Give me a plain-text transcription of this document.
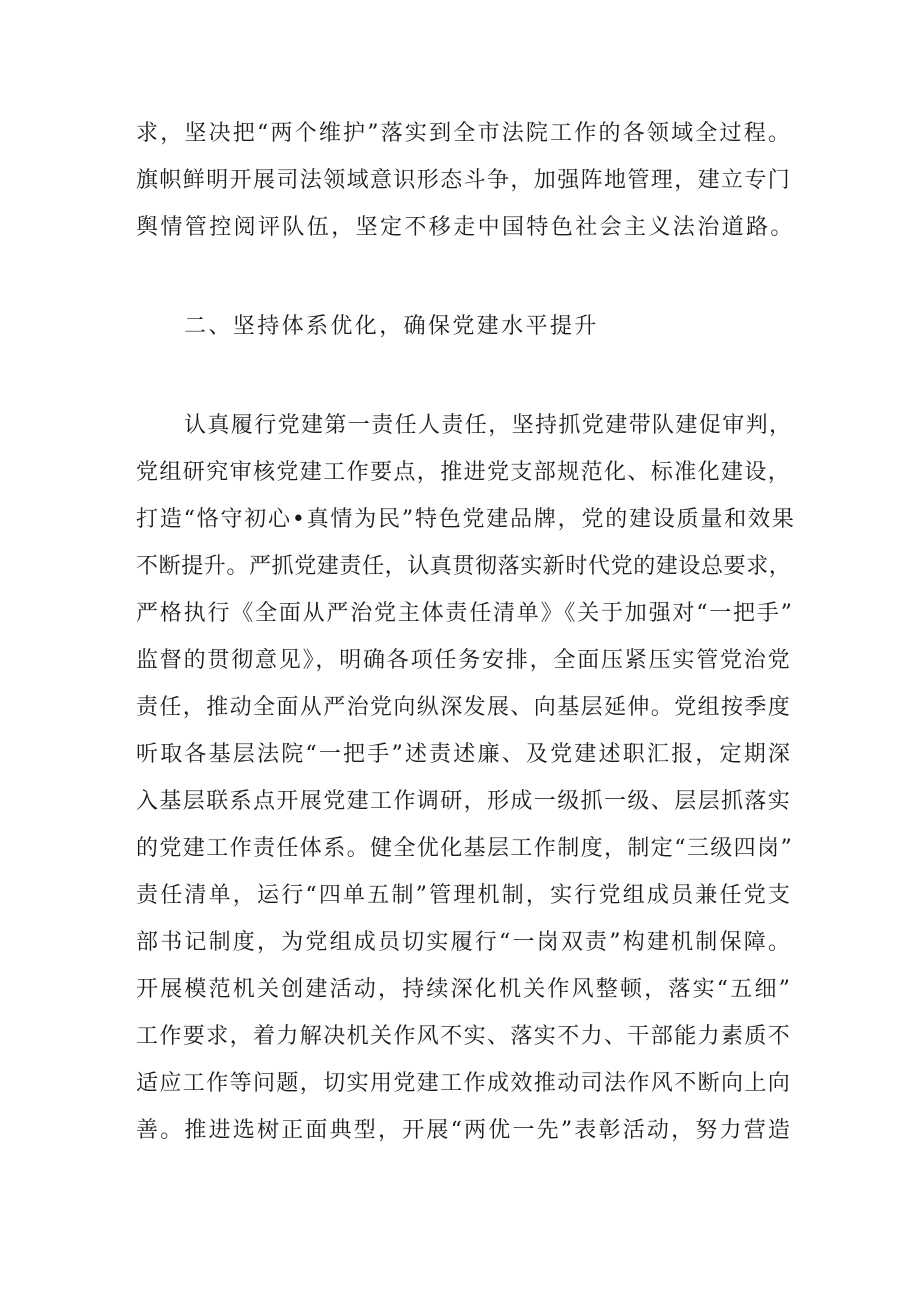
求，坚决把“两个维护”落实到全市法院工作的各领域全过程。
旗帜鲜明开展司法领域意识形态斗争，加强阵地管理，建立专门
舆情管控阅评队伍，坚定不移走中国特色社会主义法治道路。
二、坚持体系优化，确保党建水平提升
认真履行党建第一责任人责任，坚持抓党建带队建促审判，
党组研究审核党建工作要点，推进党支部规范化、标准化建设，
打造“恪守初心•真情为民”特色党建品牌，党的建设质量和效果
不断提升。严抓党建责任，认真贯彻落实新时代党的建设总要求，
严格执行《全面从严治党主体责任清单》《关于加强对“一把手”
监督的贯彻意见》，明确各项任务安排，全面压紧压实管党治党
责任，推动全面从严治党向纵深发展、向基层延伸。党组按季度
听取各基层法院“一把手”述责述廉、及党建述职汇报，定期深
入基层联系点开展党建工作调研，形成一级抓一级、层层抓落实
的党建工作责任体系。健全优化基层工作制度，制定“三级四岗”
责任清单，运行“四单五制”管理机制，实行党组成员兼任党支
部书记制度，为党组成员切实履行“一岗双责”构建机制保障。
开展模范机关创建活动，持续深化机关作风整顿，落实“五细”
工作要求，着力解决机关作风不实、落实不力、干部能力素质不
适应工作等问题，切实用党建工作成效推动司法作风不断向上向
善。推进选树正面典型，开展“两优一先”表彰活动，努力营造
